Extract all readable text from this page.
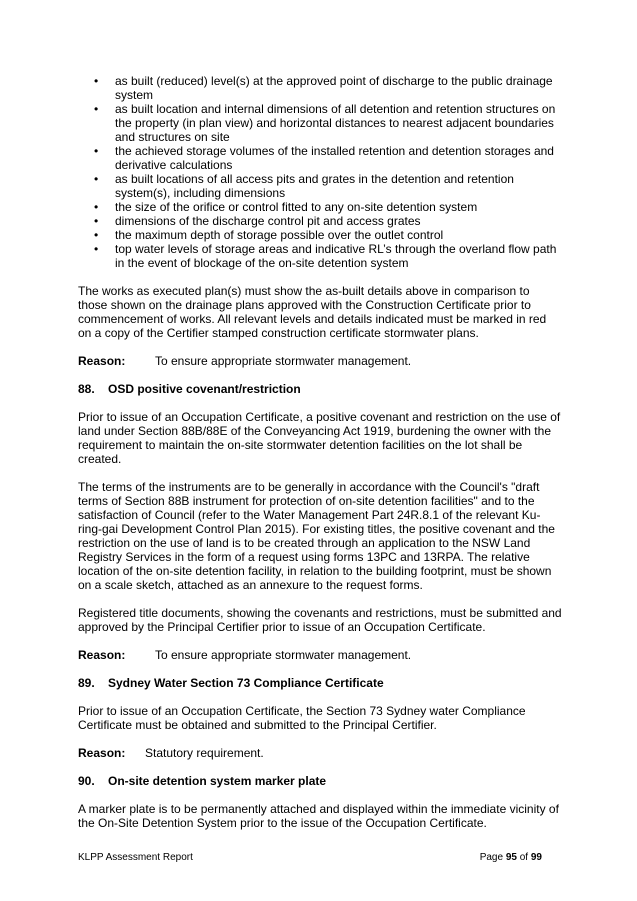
• as built (reduced) level(s) at the approved point of discharge to the public drainage system
• as built location and internal dimensions of all detention and retention structures on the property (in plan view) and horizontal distances to nearest adjacent boundaries and structures on site
• the achieved storage volumes of the installed retention and detention storages and derivative calculations
• as built locations of all access pits and grates in the detention and retention system(s), including dimensions
• the size of the orifice or control fitted to any on-site detention system
• dimensions of the discharge control pit and access grates
• the maximum depth of storage possible over the outlet control
• top water levels of storage areas and indicative RL’s through the overland flow path in the event of blockage of the on-site detention system

The works as executed plan(s) must show the as-built details above in comparison to those shown on the drainage plans approved with the Construction Certificate prior to commencement of works. All relevant levels and details indicated must be marked in red on a copy of the Certifier stamped construction certificate stormwater plans.

Reason: To ensure appropriate stormwater management.

88. OSD positive covenant/restriction

Prior to issue of an Occupation Certificate, a positive covenant and restriction on the use of land under Section 88B/88E of the Conveyancing Act 1919, burdening the owner with the requirement to maintain the on-site stormwater detention facilities on the lot shall be created.

The terms of the instruments are to be generally in accordance with the Council's "draft terms of Section 88B instrument for protection of on-site detention facilities" and to the satisfaction of Council (refer to the Water Management Part 24R.8.1 of the relevant Ku-ring-gai Development Control Plan 2015). For existing titles, the positive covenant and the restriction on the use of land is to be created through an application to the NSW Land Registry Services in the form of a request using forms 13PC and 13RPA. The relative location of the on-site detention facility, in relation to the building footprint, must be shown on a scale sketch, attached as an annexure to the request forms.

Registered title documents, showing the covenants and restrictions, must be submitted and approved by the Principal Certifier prior to issue of an Occupation Certificate.

Reason: To ensure appropriate stormwater management.

89. Sydney Water Section 73 Compliance Certificate

Prior to issue of an Occupation Certificate, the Section 73 Sydney water Compliance Certificate must be obtained and submitted to the Principal Certifier.

Reason: Statutory requirement.

90. On-site detention system marker plate

A marker plate is to be permanently attached and displayed within the immediate vicinity of the On-Site Detention System prior to the issue of the Occupation Certificate.

KLPP Assessment Report	Page 95 of 99
